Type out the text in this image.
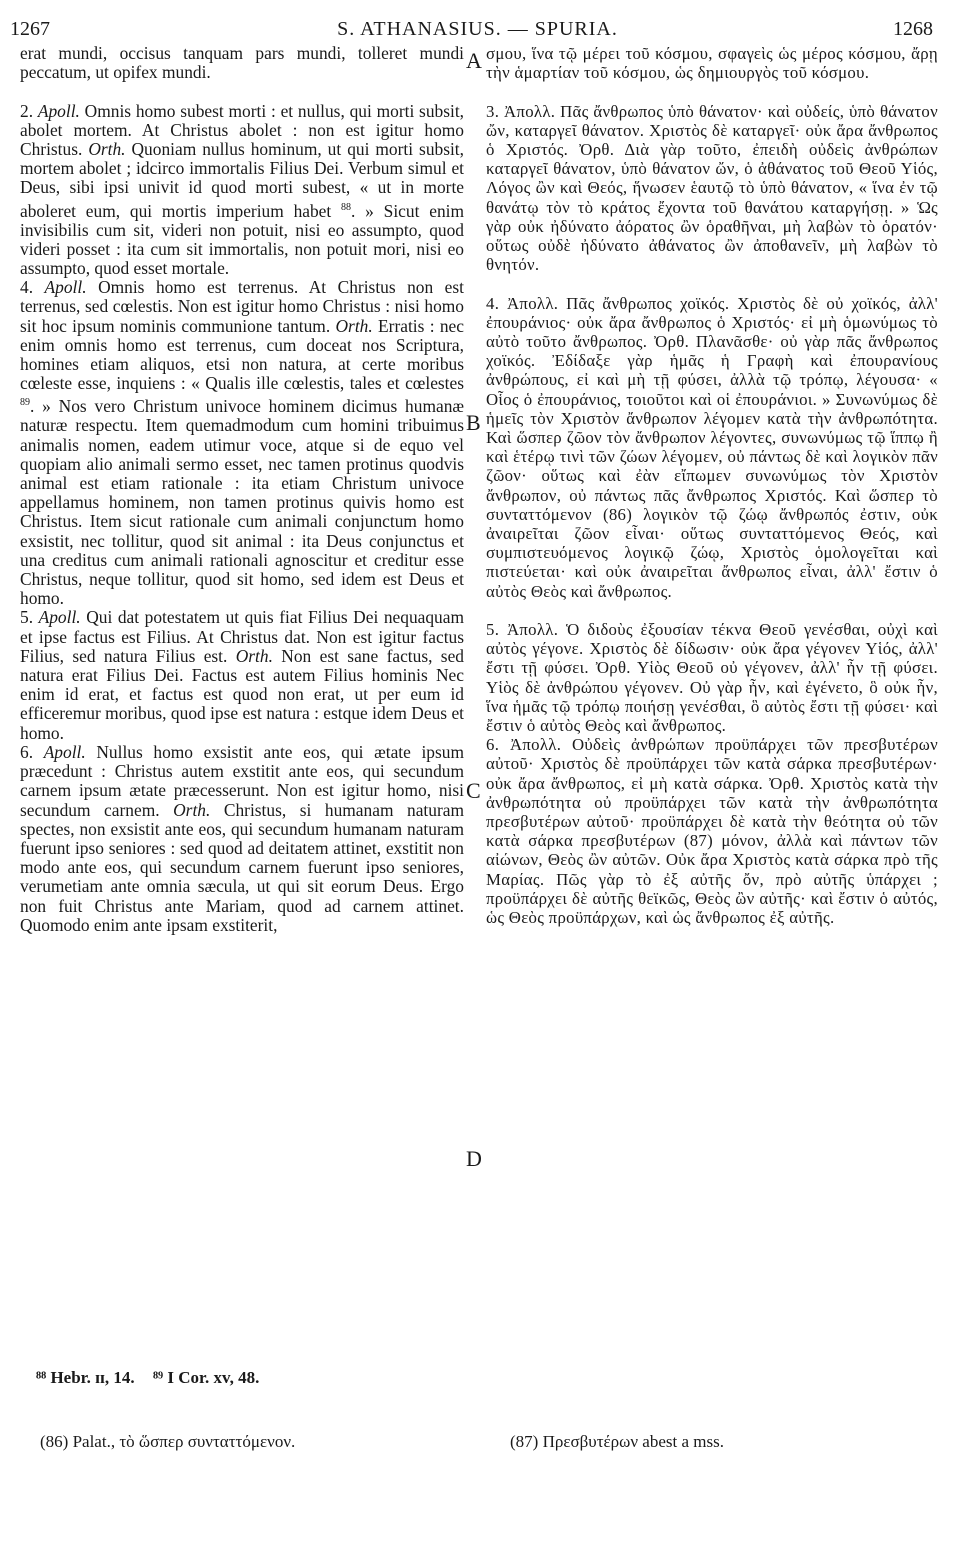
1267	S. ATHANASIUS. — SPURIA.	1268
A
B
C
D

erat mundi, occisus tanquam pars mundi, tolleret mundi peccatum, ut opifex mundi.

2. Apoll. Omnis homo subest morti : et nullus, qui morti subsit, abolet mortem. At Christus abolet : non est igitur homo Christus. Orth. Quoniam nullus hominum, ut qui morti subsit, mortem abolet ; idcirco immortalis Filius Dei. Verbum simul et Deus, sibi ipsi univit id quod morti subest, « ut in morte aboleret eum, qui mortis imperium habet $^{88}$. » Sicut enim invisibilis cum sit, videri non potuit, nisi eo assumpto, quod videri posset : ita cum sit immortalis, non potuit mori, nisi eo assumpto, quod esset mortale.

4. Apoll. Omnis homo est terrenus. At Christus non est terrenus, sed cœlestis. Non est igitur homo Christus : nisi homo sit hoc ipsum nominis communione tantum. Orth. Erratis : nec enim omnis homo est terrenus, cum doceat nos Scriptura, homines etiam aliquos, etsi non natura, at certe moribus cœleste esse, inquiens : « Qualis ille cœlestis, tales et cœlestes $^{89}$. » Nos vero Christum univoce hominem dicimus humanæ naturæ respectu. Item quemadmodum cum homini tribuimus animalis nomen, eadem utimur voce, atque si de equo vel quopiam alio animali sermo esset, nec tamen protinus quodvis animal est etiam rationale : ita etiam Christum univoce appellamus hominem, non tamen protinus quivis homo est Christus. Item sicut rationale cum animali conjunctum homo exsistit, nec tollitur, quod sit animal : ita Deus conjunctus et una creditus cum animali rationali agnoscitur et creditur esse Christus, neque tollitur, quod sit homo, sed idem est Deus et homo.

5. Apoll. Qui dat potestatem ut quis fiat Filius Dei nequaquam et ipse factus est Filius. At Christus dat. Non est igitur factus Filius, sed natura Filius est. Orth. Non est sane factus, sed natura erat Filius Dei. Factus est autem Filius hominis Nec enim id erat, et factus est quod non erat, ut per eum id efficeremur moribus, quod ipse est natura : estque idem Deus et homo.

6. Apoll. Nullus homo exsistit ante eos, qui ætate ipsum præcedunt : Christus autem exstitit ante eos, qui secundum carnem ipsum ætate præcesserunt. Non est igitur homo, nisi secundum carnem. Orth. Christus, si humanam naturam spectes, non exsistit ante eos, qui secundum humanam naturam fuerunt ipso seniores : sed quod ad deitatem attinet, exstitit non modo ante eos, qui secundum carnem fuerunt ipso seniores, verumetiam ante omnia sæcula, ut qui sit eorum Deus. Ergo non fuit Christus ante Mariam, quod ad carnem attinet. Quomodo enim ante ipsam exstiterit,

σμου, ἵνα τῷ μέρει τοῦ κόσμου, σφαγεὶς ὡς μέρος κόσμου, ἄρῃ τὴν ἁμαρτίαν τοῦ κόσμου, ὡς δημιουργὸς τοῦ κόσμου.

3. Ἀπολλ. Πᾶς ἄνθρωπος ὑπὸ θάνατον· καὶ οὐδείς, ὑπὸ θάνατον ὤν, καταργεῖ θάνατον. Χριστὸς δὲ καταργεῖ· οὐκ ἄρα ἄνθρωπος ὁ Χριστός. Ὀρθ. Διὰ γὰρ τοῦτο, ἐπειδὴ οὐδεὶς ἀνθρώπων καταργεῖ θάνατον, ὑπὸ θάνατον ὤν, ὁ ἀθάνατος τοῦ Θεοῦ Υἱός, Λόγος ὢν καὶ Θεός, ἥνωσεν ἑαυτῷ τὸ ὑπὸ θάνατον, « ἵνα ἐν τῷ θανάτῳ τὸν τὸ κράτος ἔχοντα τοῦ θανάτου καταργήσῃ. » Ὡς γὰρ οὐκ ἠδύνατο ἀόρατος ὢν ὁραθῆναι, μὴ λαβὼν τὸ ὁρατόν· οὕτως οὐδὲ ἠδύνατο ἀθάνατος ὢν ἀποθανεῖν, μὴ λαβὼν τὸ θνητόν.

4. Ἀπολλ. Πᾶς ἄνθρωπος χοϊκός. Χριστὸς δὲ οὐ χοϊκός, ἀλλ' ἐπουράνιος· οὐκ ἄρα ἄνθρωπος ὁ Χριστός· εἰ μὴ ὁμωνύμως τὸ αὐτὸ τοῦτο ἄνθρωπος. Ὀρθ. Πλανᾶσθε· οὐ γὰρ πᾶς ἄνθρωπος χοϊκός. Ἐδίδαξε γὰρ ἡμᾶς ἡ Γραφὴ καὶ ἐπουρανίους ἀνθρώπους, εἰ καὶ μὴ τῇ φύσει, ἀλλὰ τῷ τρόπῳ, λέγουσα· « Οἷος ὁ ἐπουράνιος, τοιοῦτοι καὶ οἱ ἐπουράνιοι. » Συνωνύμως δὲ ἡμεῖς τὸν Χριστὸν ἄνθρωπον λέγομεν κατὰ τὴν ἀνθρωπότητα. Καὶ ὥσπερ ζῶον τὸν ἄνθρωπον λέγοντες, συνωνύμως τῷ ἵππῳ ἢ καὶ ἑτέρῳ τινὶ τῶν ζώων λέγομεν, οὐ πάντως δὲ καὶ λογικὸν πᾶν ζῶον· οὕτως καὶ ἐὰν εἴπωμεν συνωνύμως τὸν Χριστὸν ἄνθρωπον, οὐ πάντως πᾶς ἄνθρωπος Χριστός. Καὶ ὥσπερ τὸ συνταττόμενον (86) λογικὸν τῷ ζώῳ ἄνθρωπός ἐστιν, οὐκ ἀναιρεῖται ζῶον εἶναι· οὕτως συνταττόμενος Θεός, καὶ συμπιστευόμενος λογικῷ ζώῳ, Χριστὸς ὁμολογεῖται καὶ πιστεύεται· καὶ οὐκ ἀναιρεῖται ἄνθρωπος εἶναι, ἀλλ' ἔστιν ὁ αὐτὸς Θεὸς καὶ ἄνθρωπος.

5. Ἀπολλ. Ὁ διδοὺς ἐξουσίαν τέκνα Θεοῦ γενέσθαι, οὐχὶ καὶ αὐτὸς γέγονε. Χριστὸς δὲ δίδωσιν· οὐκ ἄρα γέγονεν Υἱός, ἀλλ' ἔστι τῇ φύσει. Ὀρθ. Υἱὸς Θεοῦ οὐ γέγονεν, ἀλλ' ἦν τῇ φύσει. Υἱὸς δὲ ἀνθρώπου γέγονεν. Οὐ γὰρ ἦν, καὶ ἐγένετο, ὃ οὐκ ἦν, ἵνα ἡμᾶς τῷ τρόπῳ ποιήσῃ γενέσθαι, ὃ αὐτὸς ἔστι τῇ φύσει· καὶ ἔστιν ὁ αὐτὸς Θεὸς καὶ ἄνθρωπος.

6. Ἀπολλ. Οὐδεὶς ἀνθρώπων προϋπάρχει τῶν πρεσβυτέρων αὐτοῦ· Χριστὸς δὲ προϋπάρχει τῶν κατὰ σάρκα πρεσβυτέρων· οὐκ ἄρα ἄνθρωπος, εἰ μὴ κατὰ σάρκα. Ὀρθ. Χριστὸς κατὰ τὴν ἀνθρωπότητα οὐ προϋπάρχει τῶν κατὰ τὴν ἀνθρωπότητα πρεσβυτέρων αὐτοῦ· προϋπάρχει δὲ κατὰ τὴν θεότητα οὐ τῶν κατὰ σάρκα πρεσβυτέρων (87) μόνον, ἀλλὰ καὶ πάντων τῶν αἰώνων, Θεὸς ὢν αὐτῶν. Οὐκ ἄρα Χριστὸς κατὰ σάρκα πρὸ τῆς Μαρίας. Πῶς γὰρ τὸ ἐξ αὐτῆς ὄν, πρὸ αὐτῆς ὑπάρχει ; προϋπάρχει δὲ αὐτῆς θεϊκῶς, Θεὸς ὢν αὐτῆς· καὶ ἔστιν ὁ αὐτός, ὡς Θεὸς προϋπάρχων, καὶ ὡς ἄνθρωπος ἐξ αὐτῆς.

⁸⁸ Hebr. ɪɪ, 14. ⁸⁹ I Cor. xv, 48.
(86) Palat., τὸ ὥσπερ συνταττόμενον.	(87) Πρεσβυτέρων abest a mss.
